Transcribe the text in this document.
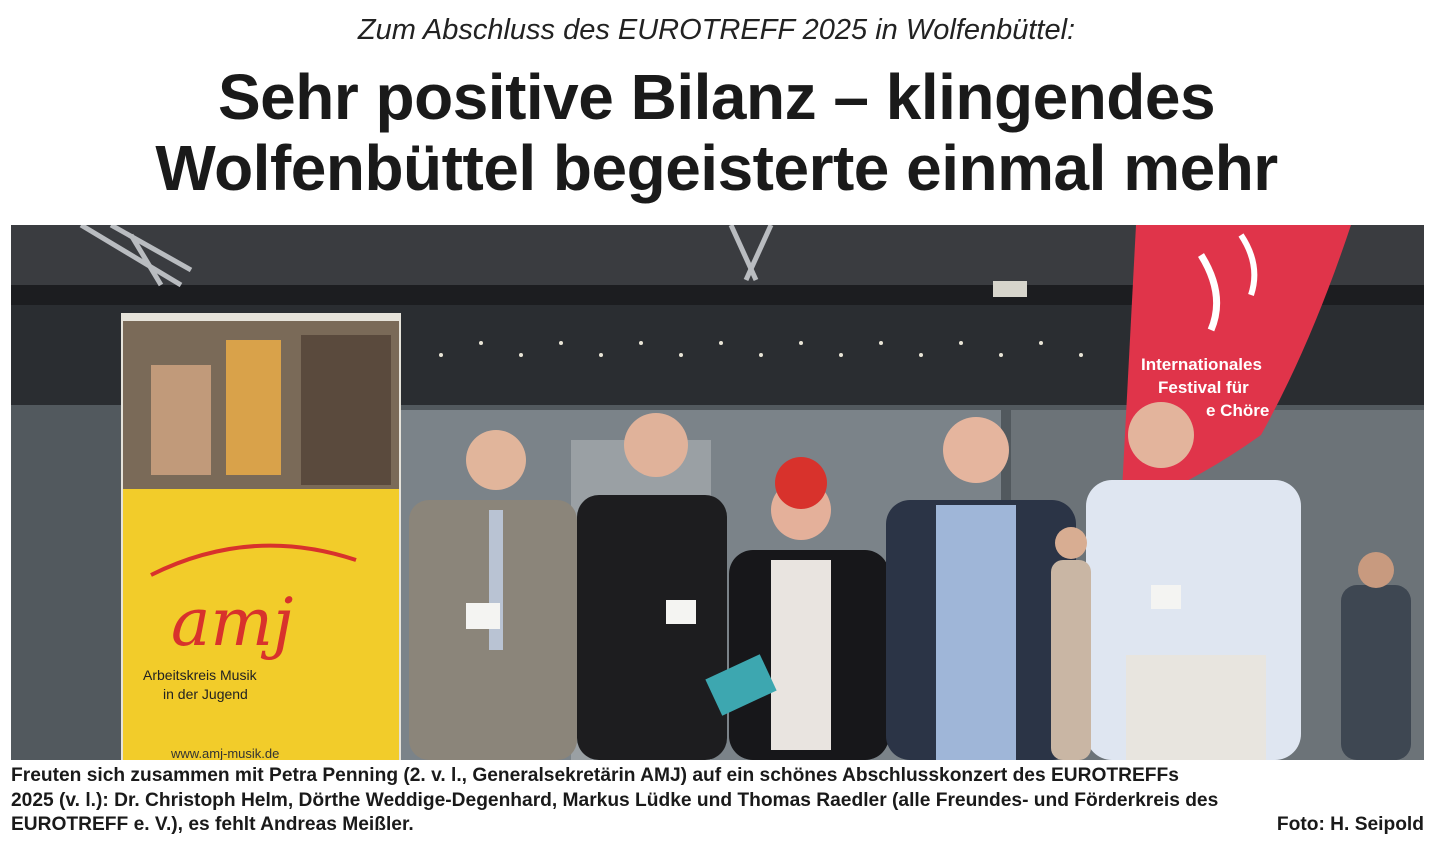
Zum Abschluss des EUROTREFF 2025 in Wolfenbüttel:
Sehr positive Bilanz – klingendes
Wolfenbüttel begeisterte einmal mehr
amj
Arbeitskreis Musik
in der Jugend
www.amj-musik.de
Internationales
Festival für
e Chöre
Freuten sich zusammen mit Petra Penning (2. v. l., Generalsekretärin AMJ) auf ein schönes Abschlusskonzert des EUROTREFFs
2025 (v. l.): Dr. Christoph Helm, Dörthe Weddige-Degenhard, Markus Lüdke und Thomas Raedler (alle Freundes- und Förderkreis des
EUROTREFF e. V.), es fehlt Andreas Meißler.	Foto: H. Seipold
